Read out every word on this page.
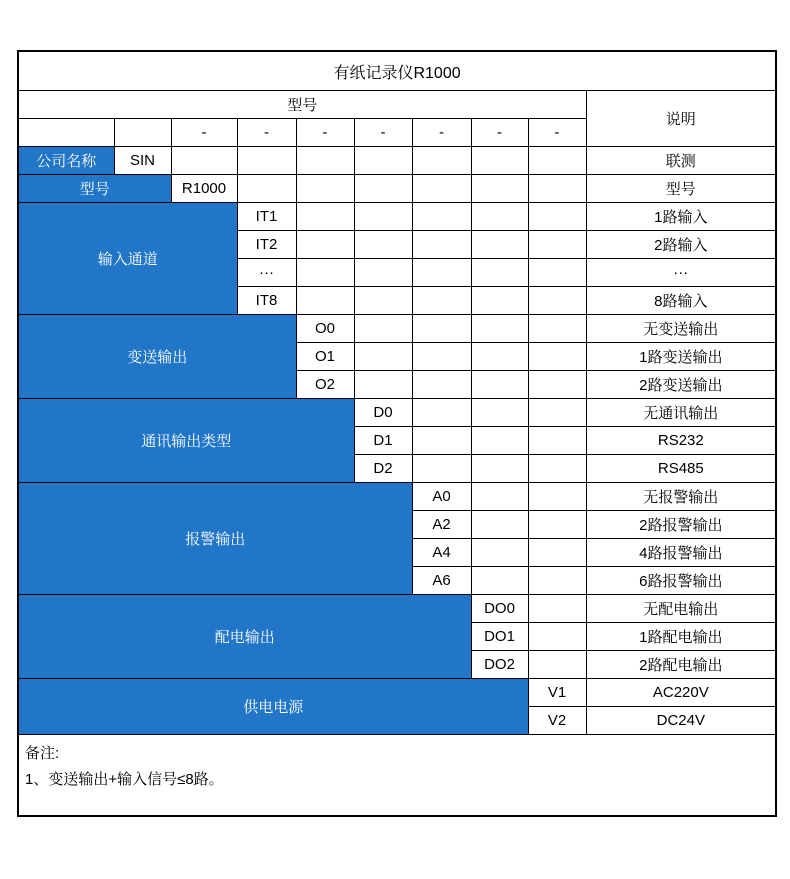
有纸记录仪R1000									
型号									说明
		-	-	-	-	-	-	-	
公司名称	SIN								联测
型号		R1000							型号
输入通道			IT1						1路输入
			IT2						2路输入
			···						···
			IT8						8路输入
变送输出				O0					无变送输出
				O1					1路变送输出
				O2					2路变送输出
通讯输出类型					D0				无通讯输出
					D1				RS232
					D2				RS485
报警输出						A0			无报警输出
						A2			2路报警输出
						A4			4路报警输出
						A6			6路报警输出
配电输出							DO0		无配电输出
							DO1		1路配电输出
							DO2		2路配电输出
供电电源								V1	AC220V
								V2	DC24V

备注:
1、变送输出+输入信号≤8路。									
